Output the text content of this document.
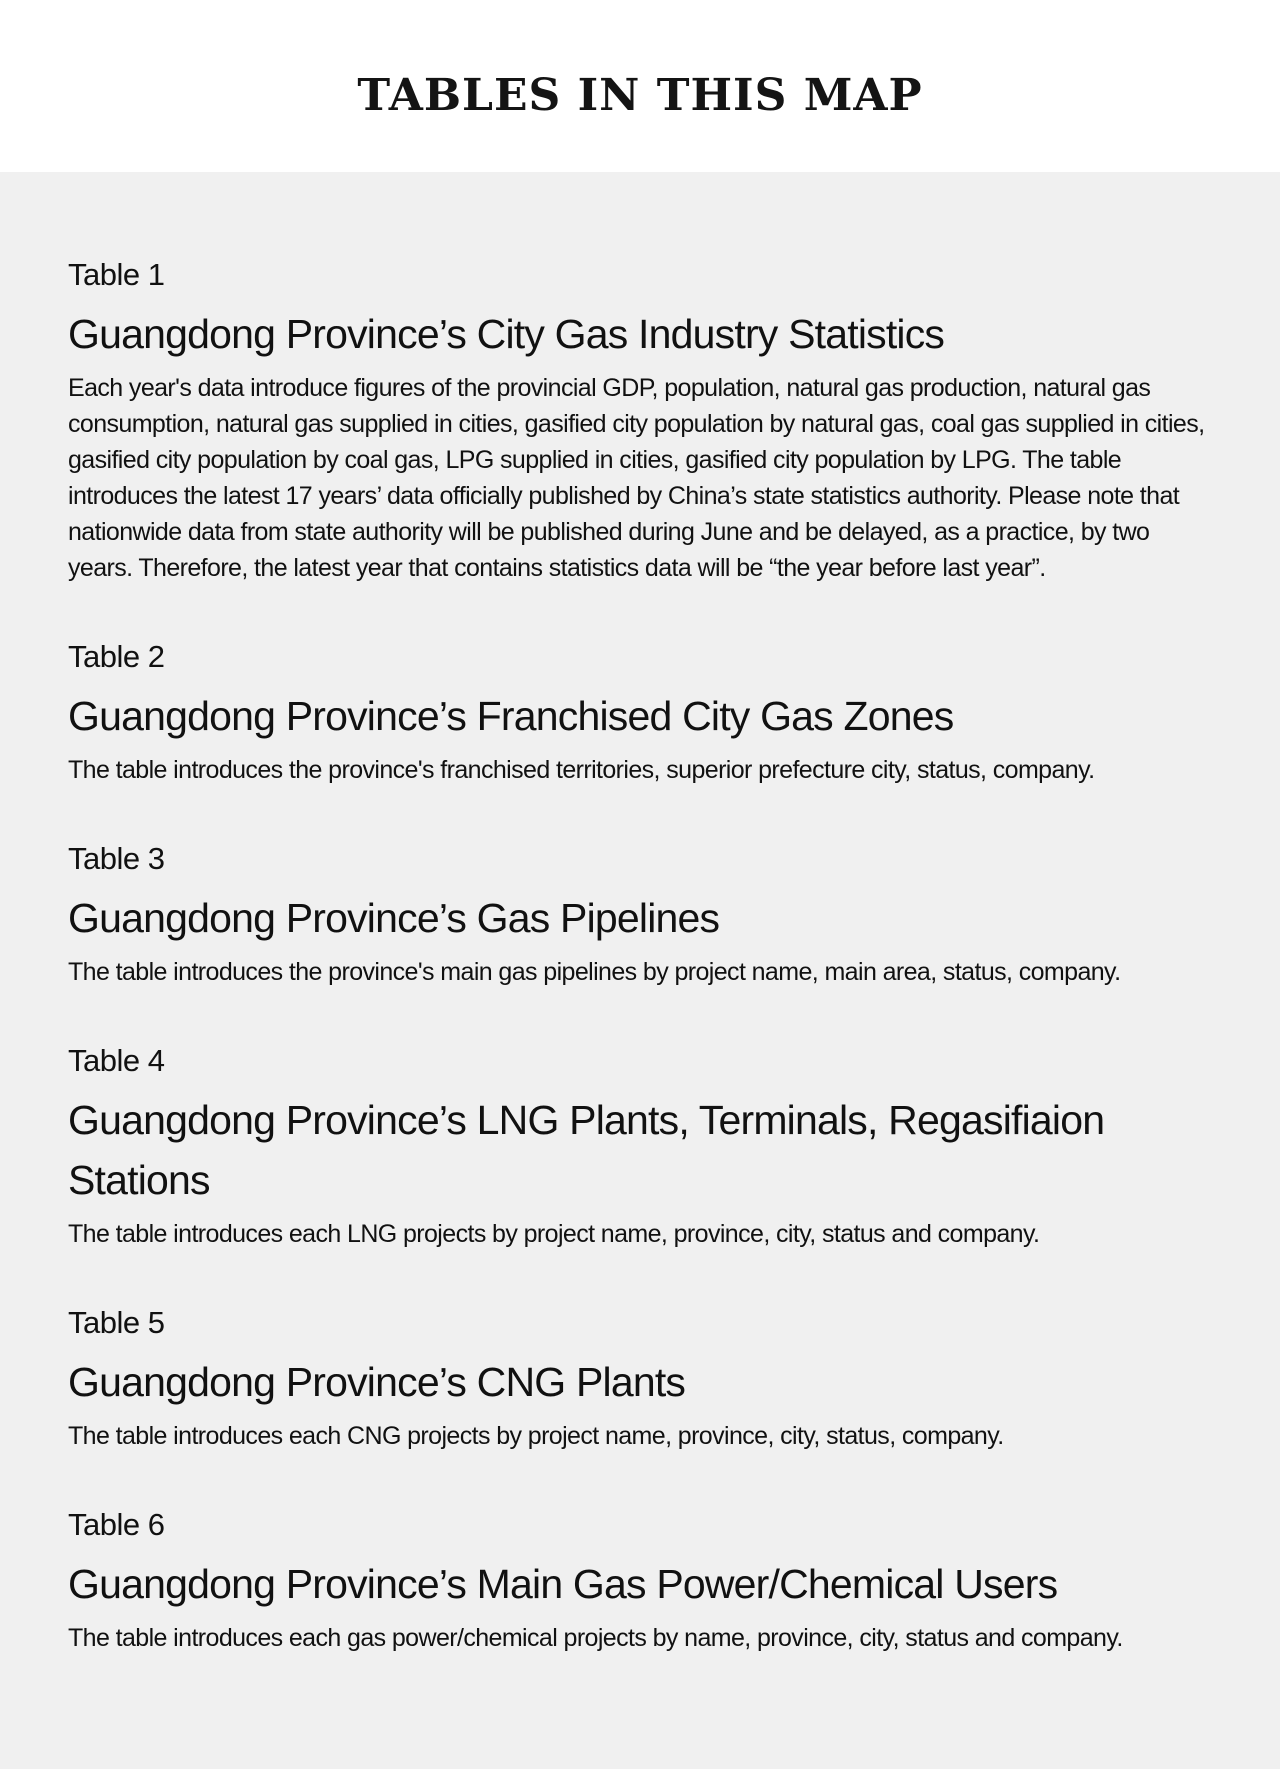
TABLES IN THIS MAP
Table 1
Guangdong Province’s City Gas Industry Statistics

Each year's data introduce figures of the provincial GDP, population, natural gas production, natural gas consumption, natural gas supplied in cities, gasified city population by natural gas, coal gas supplied in cities, gasified city population by coal gas, LPG supplied in cities, gasified city population by LPG. The table introduces the latest 17 years’ data officially published by China’s state statistics authority. Please note that nationwide data from state authority will be published during June and be delayed, as a practice, by two years. Therefore, the latest year that contains statistics data will be “the year before last year”.

Table 2
Guangdong Province’s Franchised City Gas Zones

The table introduces the province's franchised territories, superior prefecture city, status, company.

Table 3
Guangdong Province’s Gas Pipelines

The table introduces the province's main gas pipelines by project name, main area, status, company.

Table 4
Guangdong Province’s LNG Plants, Terminals, Regasifiaion Stations

The table introduces each LNG projects by project name, province, city, status and company.

Table 5
Guangdong Province’s CNG Plants

The table introduces each CNG projects by project name, province, city, status, company.

Table 6
Guangdong Province’s Main Gas Power/Chemical Users

The table introduces each gas power/chemical projects by name, province, city, status and company.
